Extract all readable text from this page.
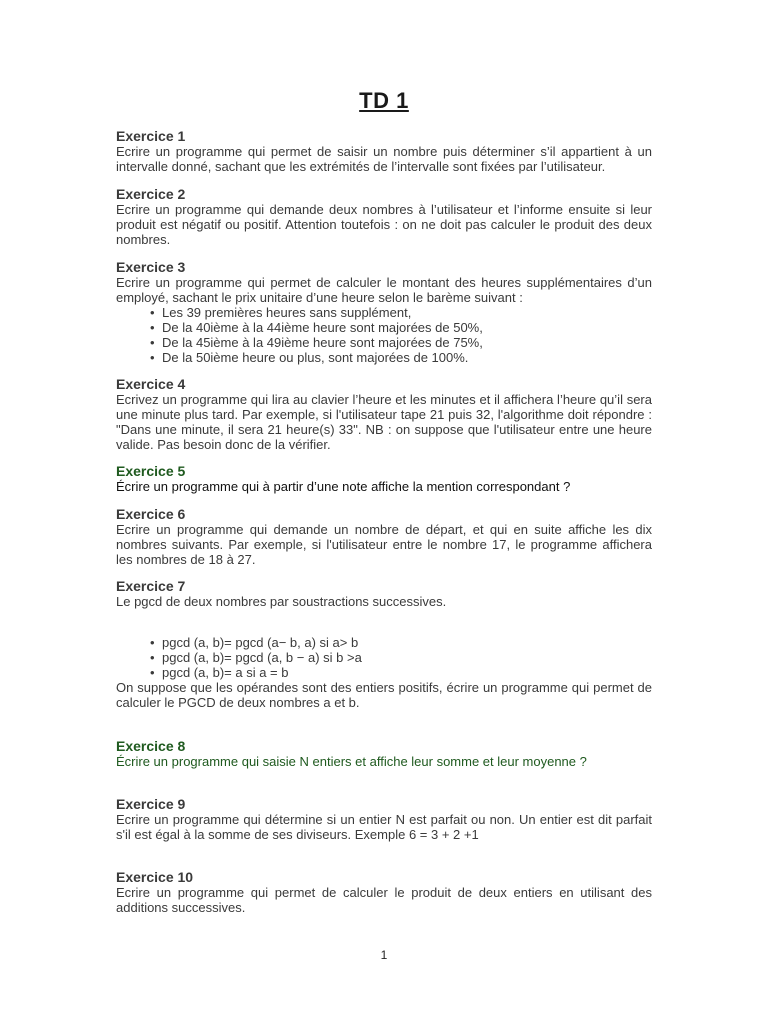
TD 1
Exercice 1

Ecrire un programme qui permet de saisir un nombre puis déterminer s’il appartient à un intervalle donné, sachant que les extrémités de l’intervalle sont fixées par l’utilisateur.

Exercice 2

Ecrire un programme qui demande deux nombres à l’utilisateur et l’informe ensuite si leur produit est négatif ou positif. Attention toutefois : on ne doit pas calculer le produit des deux nombres.

Exercice 3

Ecrire un programme qui permet de calculer le montant des heures supplémentaires d’un employé, sachant le prix unitaire d’une heure selon le barème suivant :

• Les 39 premières heures sans supplément,
• De la 40ième à la 44ième heure sont majorées de 50%,
• De la 45ième à la 49ième heure sont majorées de 75%,
• De la 50ième heure ou plus, sont majorées de 100%.
Exercice 4

Ecrivez un programme qui lira au clavier l’heure et les minutes et il affichera l’heure qu’il sera une minute plus tard. Par exemple, si l'utilisateur tape 21 puis 32, l'algorithme doit répondre : "Dans une minute, il sera 21 heure(s) 33". NB : on suppose que l'utilisateur entre une heure valide. Pas besoin donc de la vérifier.

Exercice 5

Écrire un programme qui à partir d’une note affiche la mention correspondant ?

Exercice 6

Ecrire un programme qui demande un nombre de départ, et qui en suite affiche les dix nombres suivants. Par exemple, si l'utilisateur entre le nombre 17, le programme affichera les nombres de 18 à 27.

Exercice 7

Le pgcd de deux nombres par soustractions successives.

• pgcd (a, b)= pgcd (a− b, a) si a> b
• pgcd (a, b)= pgcd (a, b − a) si b >a
• pgcd (a, b)= a si a = b

On suppose que les opérandes sont des entiers positifs, écrire un programme qui permet de calculer le PGCD de deux nombres a et b.

Exercice 8

Écrire un programme qui saisie N entiers et affiche leur somme et leur moyenne ?

Exercice 9

Ecrire un programme qui détermine si un entier N est parfait ou non. Un entier est dit parfait s'il est égal à la somme de ses diviseurs. Exemple 6 = 3 + 2 +1

Exercice 10

Ecrire un programme qui permet de calculer le produit de deux entiers en utilisant des additions successives.

1
